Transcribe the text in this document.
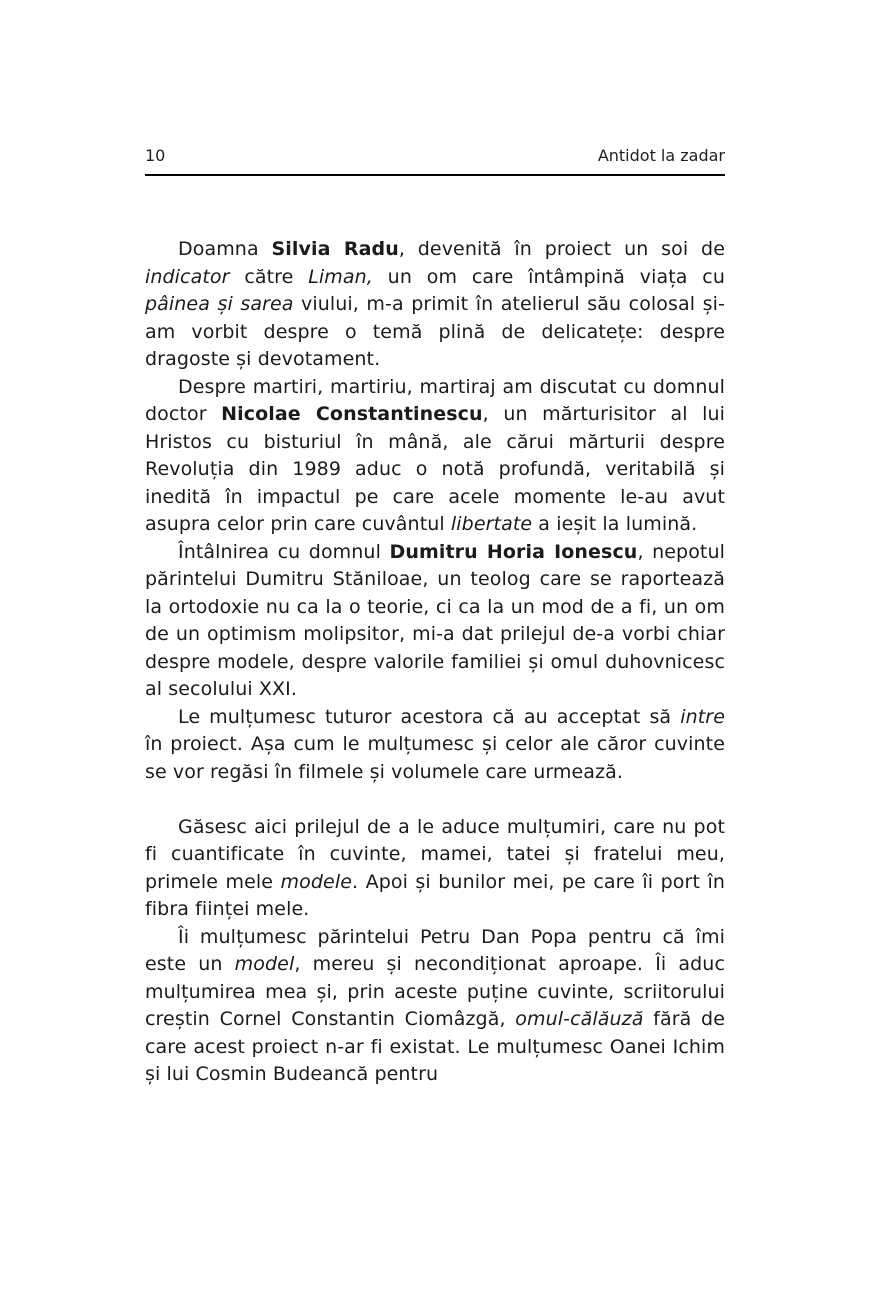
10	Antidot la zadar

Doamna Silvia Radu, devenită în proiect un soi de indicator către Liman, un om care întâmpină viața cu pâinea și sarea viului, m-a primit în atelierul său colosal și-am vorbit despre o temă plină de delicatețe: despre dragoste și devotament.

Despre martiri, martiriu, martiraj am discutat cu domnul doctor Nicolae Constantinescu, un mărturisitor al lui Hristos cu bisturiul în mână, ale cărui mărturii despre Revoluția din 1989 aduc o notă profundă, veritabilă și inedită în impactul pe care acele momente le-au avut asupra celor prin care cuvântul libertate a ieșit la lumină.

Întâlnirea cu domnul Dumitru Horia Ionescu, nepotul părintelui Dumitru Stăniloae, un teolog care se raportează la ortodoxie nu ca la o teorie, ci ca la un mod de a fi, un om de un optimism molipsitor, mi-a dat prilejul de-a vorbi chiar despre modele, despre valorile familiei și omul duhovnicesc al secolului XXI.

Le mulțumesc tuturor acestora că au acceptat să intre în proiect. Așa cum le mulțumesc și celor ale căror cuvinte se vor regăsi în filmele și volumele care urmează.

Găsesc aici prilejul de a le aduce mulțumiri, care nu pot fi cuantificate în cuvinte, mamei, tatei și fratelui meu, primele mele modele. Apoi și bunilor mei, pe care îi port în fibra ființei mele.

Îi mulțumesc părintelui Petru Dan Popa pentru că îmi este un model, mereu și necondiționat aproape. Îi aduc mulțumirea mea și, prin aceste puține cuvinte, scriitorului creștin Cornel Constantin Ciomâzgă, omul-călăuză fără de care acest proiect n-ar fi existat. Le mulțumesc Oanei Ichim și lui Cosmin Budeancă pentru
